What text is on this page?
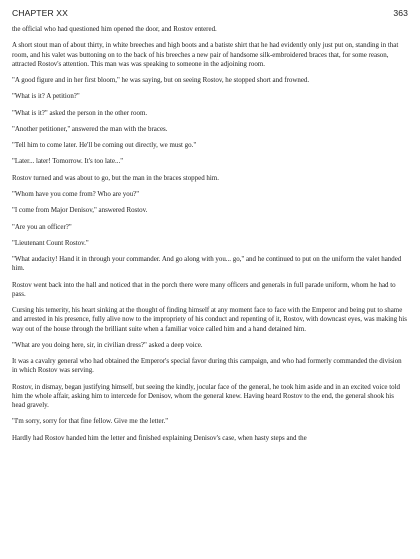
CHAPTER XX	363

the official who had questioned him opened the door, and Rostov entered.

A short stout man of about thirty, in white breeches and high boots and a batiste shirt that he had evidently only just put on, standing in that room, and his valet was buttoning on to the back of his breeches a new pair of handsome silk-embroidered braces that, for some reason, attracted Rostov's attention. This man was was speaking to someone in the adjoining room.

"A good figure and in her first bloom," he was saying, but on seeing Rostov, he stopped short and frowned.

"What is it? A petition?"

"What is it?" asked the person in the other room.

"Another petitioner," answered the man with the braces.

"Tell him to come later. He'll be coming out directly, we must go."

"Later... later! Tomorrow. It's too late..."

Rostov turned and was about to go, but the man in the braces stopped him.

"Whom have you come from? Who are you?"

"I come from Major Denisov," answered Rostov.

"Are you an officer?"

"Lieutenant Count Rostov."

"What audacity! Hand it in through your commander. And go along with you... go," and he continued to put on the uniform the valet handed him.

Rostov went back into the hall and noticed that in the porch there were many officers and generals in full parade uniform, whom he had to pass.

Cursing his temerity, his heart sinking at the thought of finding himself at any moment face to face with the Emperor and being put to shame and arrested in his presence, fully alive now to the impropriety of his conduct and repenting of it, Rostov, with downcast eyes, was making his way out of the house through the brilliant suite when a familiar voice called him and a hand detained him.

"What are you doing here, sir, in civilian dress?" asked a deep voice.

It was a cavalry general who had obtained the Emperor's special favor during this campaign, and who had formerly commanded the division in which Rostov was serving.

Rostov, in dismay, began justifying himself, but seeing the kindly, jocular face of the general, he took him aside and in an excited voice told him the whole affair, asking him to intercede for Denisov, whom the general knew. Having heard Rostov to the end, the general shook his head gravely.

"I'm sorry, sorry for that fine fellow. Give me the letter."

Hardly had Rostov handed him the letter and finished explaining Denisov's case, when hasty steps and the
